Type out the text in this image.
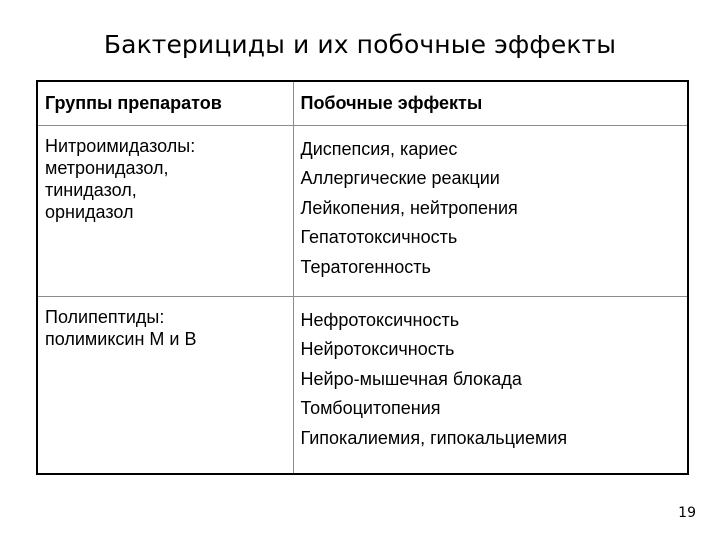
Бактерициды и их побочные эффекты
Группы препаратов	Побочные эффекты

Нитроимидазолы:
метронидазол,
тинидазол,
орнидазол	Диспепсия, кариес
Аллергические реакции
Лейкопения, нейтропения
Гепатотоксичность
Тератогенность

Полипептиды:
полимиксин М и В	Нефротоксичность
Нейротоксичность
Нейро-мышечная блокада
Томбоцитопения
Гипокалиемия, гипокальциемия
19
